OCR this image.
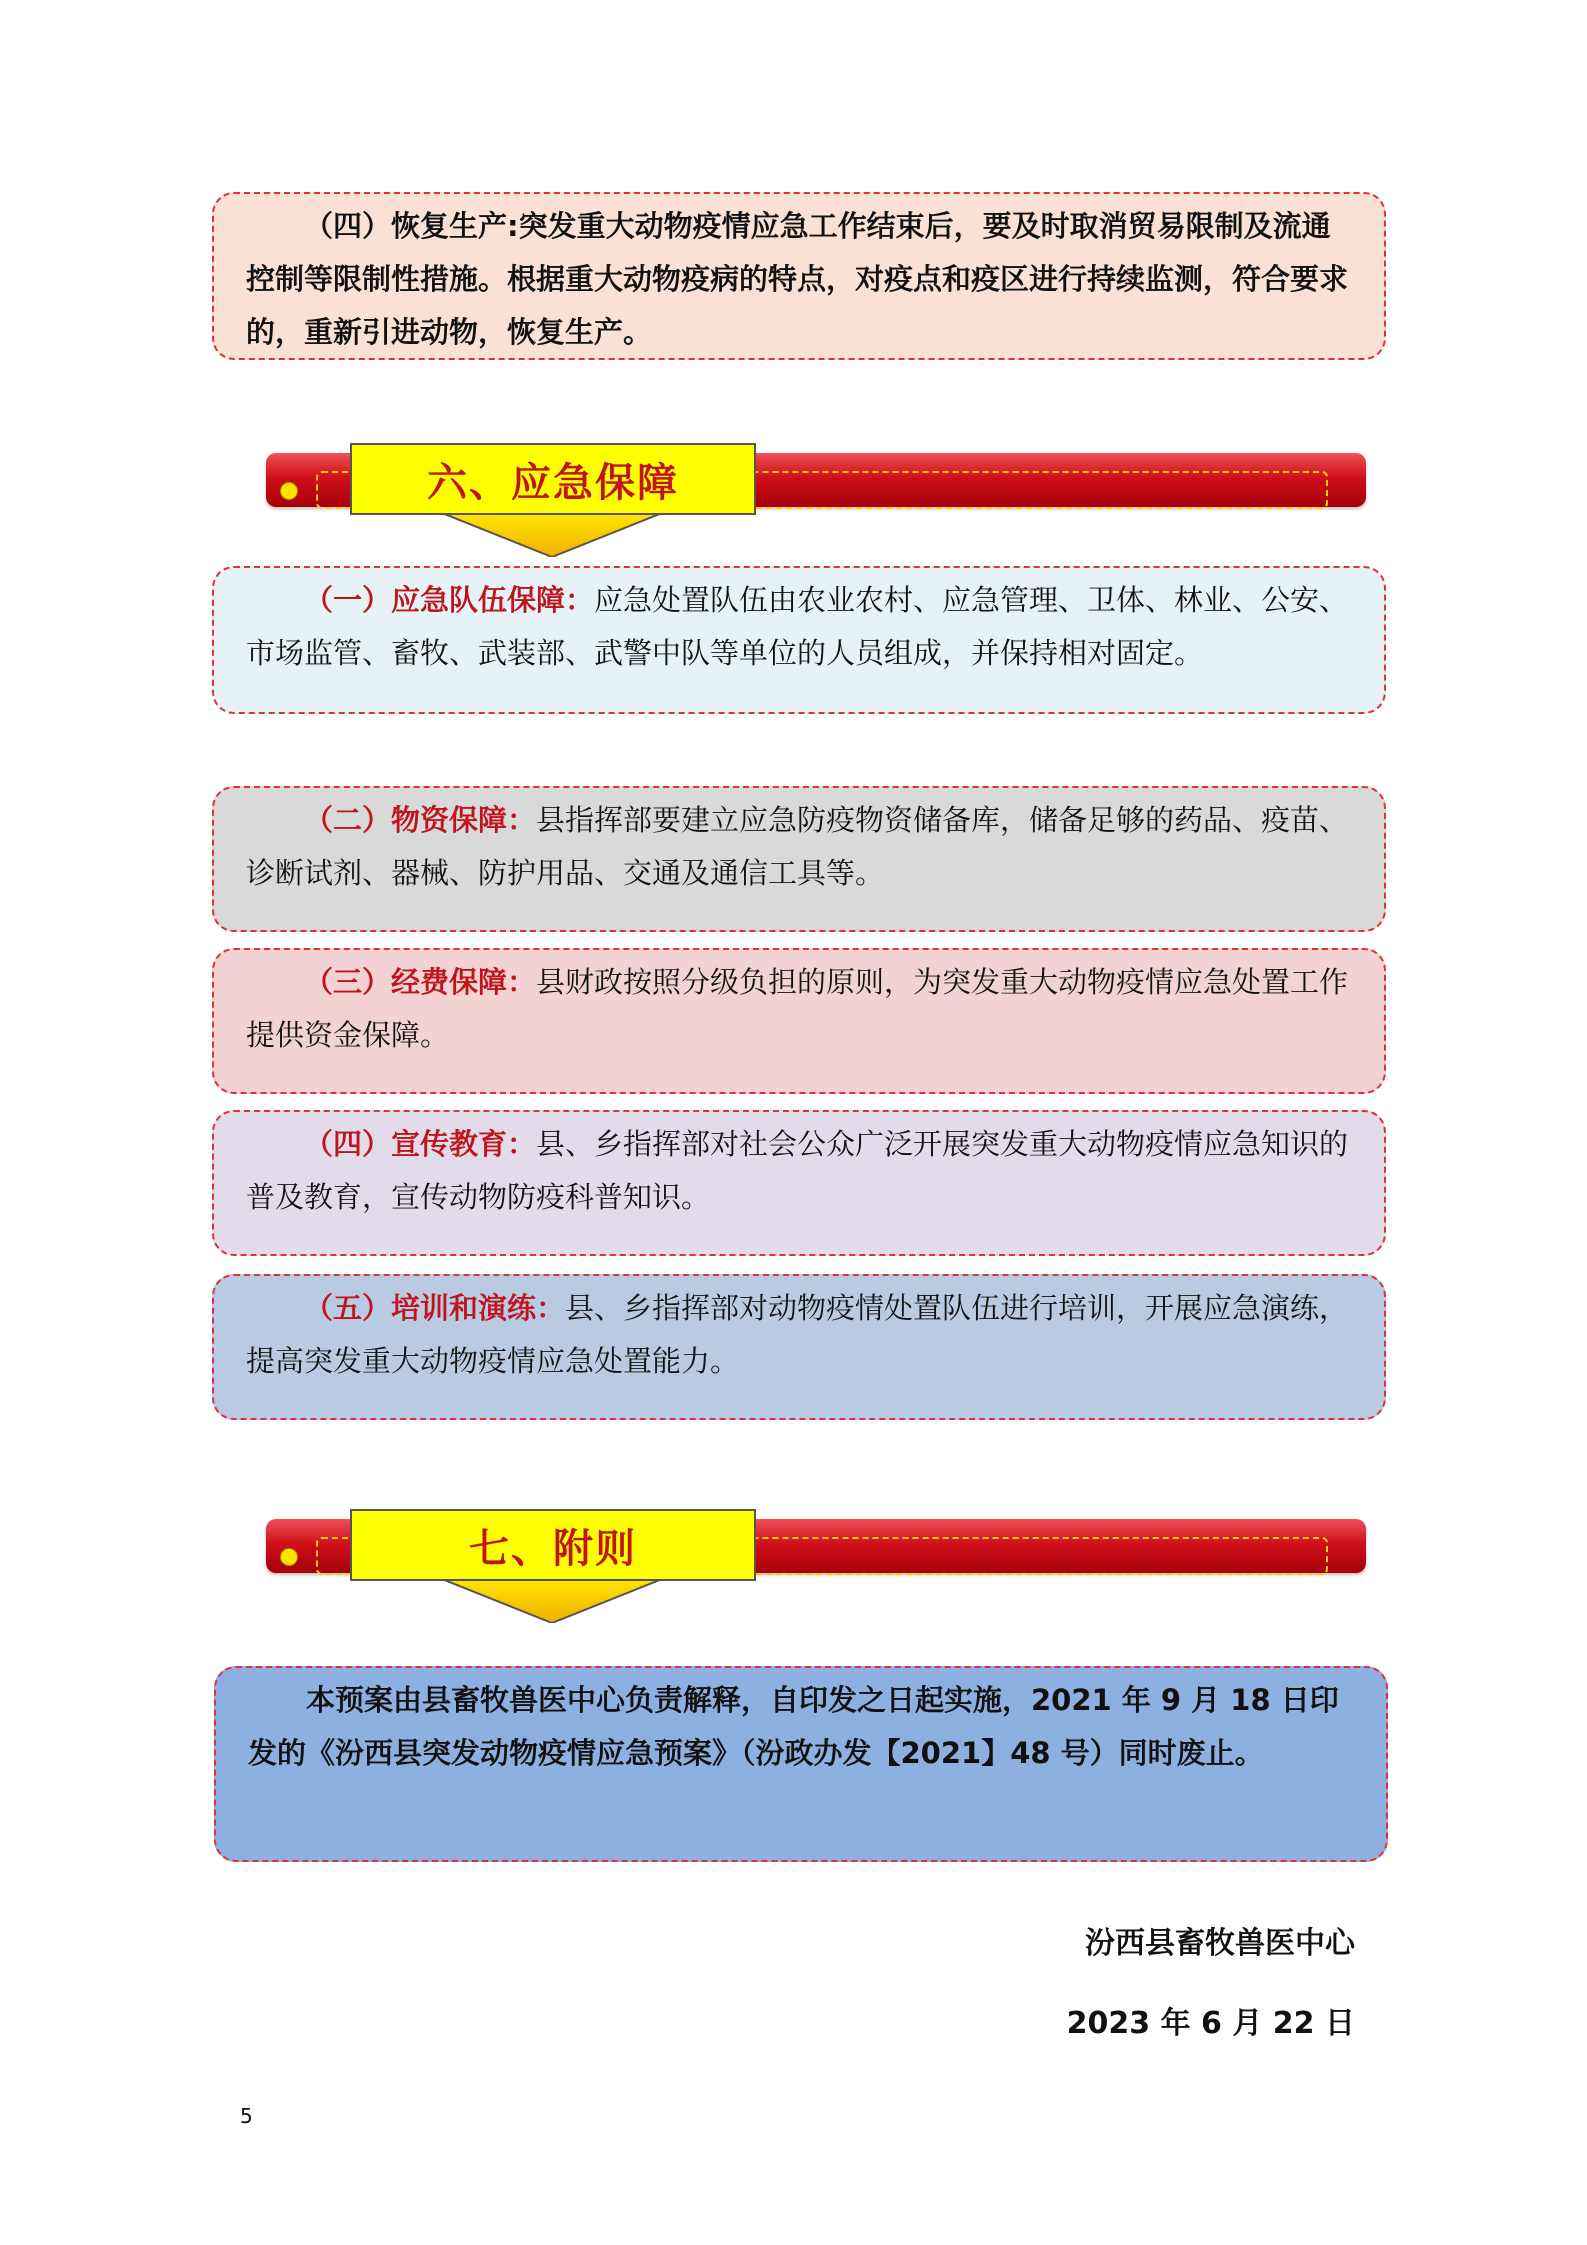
（四）恢复生产:突发重大动物疫情应急工作结束后，要及时取消贸易限制及流通控制等限制性措施。根据重大动物疫病的特点，对疫点和疫区进行持续监测，符合要求的，重新引进动物，恢复生产。
六、应急保障
（一）应急队伍保障：应急处置队伍由农业农村、应急管理、卫体、林业、公安、市场监管、畜牧、武装部、武警中队等单位的人员组成，并保持相对固定。
（二）物资保障：县指挥部要建立应急防疫物资储备库，储备足够的药品、疫苗、诊断试剂、器械、防护用品、交通及通信工具等。
（三）经费保障：县财政按照分级负担的原则，为突发重大动物疫情应急处置工作提供资金保障。
（四）宣传教育：县、乡指挥部对社会公众广泛开展突发重大动物疫情应急知识的普及教育，宣传动物防疫科普知识。
（五）培训和演练：县、乡指挥部对动物疫情处置队伍进行培训，开展应急演练，提高突发重大动物疫情应急处置能力。
七、附则
本预案由县畜牧兽医中心负责解释，自印发之日起实施，2021 年 9 月 18 日印发的《汾西县突发动物疫情应急预案》（汾政办发【2021】48 号）同时废止。
汾西县畜牧兽医中心
2023 年 6 月 22 日
5
